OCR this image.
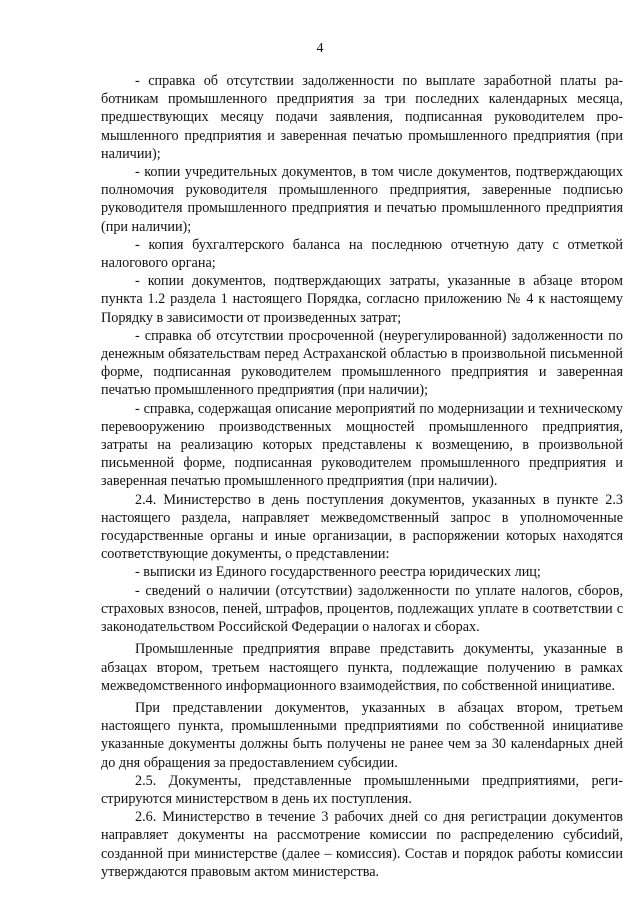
4

- справка об отсутствии задолженности по выплате заработной платы работникам промышленного предприятия за три последних календарных месяца, предшествующих месяцу подачи заявления, подписанная руководителем промышленного предприятия и заверенная печатью промышленного предприятия (при наличии);

- копии учредительных документов, в том числе документов, подтверждающих полномочия руководителя промышленного предприятия, заверенные подписью руководителя промышленного предприятия и печатью промышленного предприятия (при наличии);

- копия бухгалтерского баланса на последнюю отчетную дату с отметкой налогового органа;

- копии документов, подтверждающих затраты, указанные в абзаце втором пункта 1.2 раздела 1 настоящего Порядка, согласно приложению № 4 к настоящему Порядку в зависимости от произведенных затрат;

- справка об отсутствии просроченной (неурегулированной) задолженности по денежным обязательствам перед Астраханской областью в произвольной письменной форме, подписанная руководителем промышленного предприятия и заверенная печатью промышленного предприятия (при наличии);

- справка, содержащая описание мероприятий по модернизации и техническому перевооружению производственных мощностей промышленного предприятия, затраты на реализацию которых представлены к возмещению, в произвольной письменной форме, подписанная руководителем промышленного предприятия и заверенная печатью промышленного предприятия (при наличии).

2.4. Министерство в день поступления документов, указанных в пункте 2.3 настоящего раздела, направляет межведомственный запрос в уполномоченные государственные органы и иные организации, в распоряжении которых находятся соответствующие документы, о представлении:

- выписки из Единого государственного реестра юридических лиц;

- сведений о наличии (отсутствии) задолженности по уплате налогов, сборов, страховых взносов, пеней, штрафов, процентов, подлежащих уплате в соответствии с законодательством Российской Федерации о налогах и сборах.

Промышленные предприятия вправе представить документы, указанные в абзацах втором, третьем настоящего пункта, подлежащие получению в рамках межведомственного информационного взаимодействия, по собственной инициативе.

При представлении документов, указанных в абзацах втором, третьем настоящего пункта, промышленными предприятиями по собственной инициативе указанные документы должны быть получены не ранее чем за 30 каленdарных дней до дня обращения за предоставлением субсидии.

2.5. Документы, представленные промышленными предприятиями, регистрируются министерством в день их поступления.

2.6. Министерство в течение 3 рабочих дней со дня регистрации документов направляет документы на рассмотрение комиссии по распределению субсиdий, созданной при министерстве (далее – комиссия). Состав и порядок работы комиссии утверждаются правовым актом министерства.
